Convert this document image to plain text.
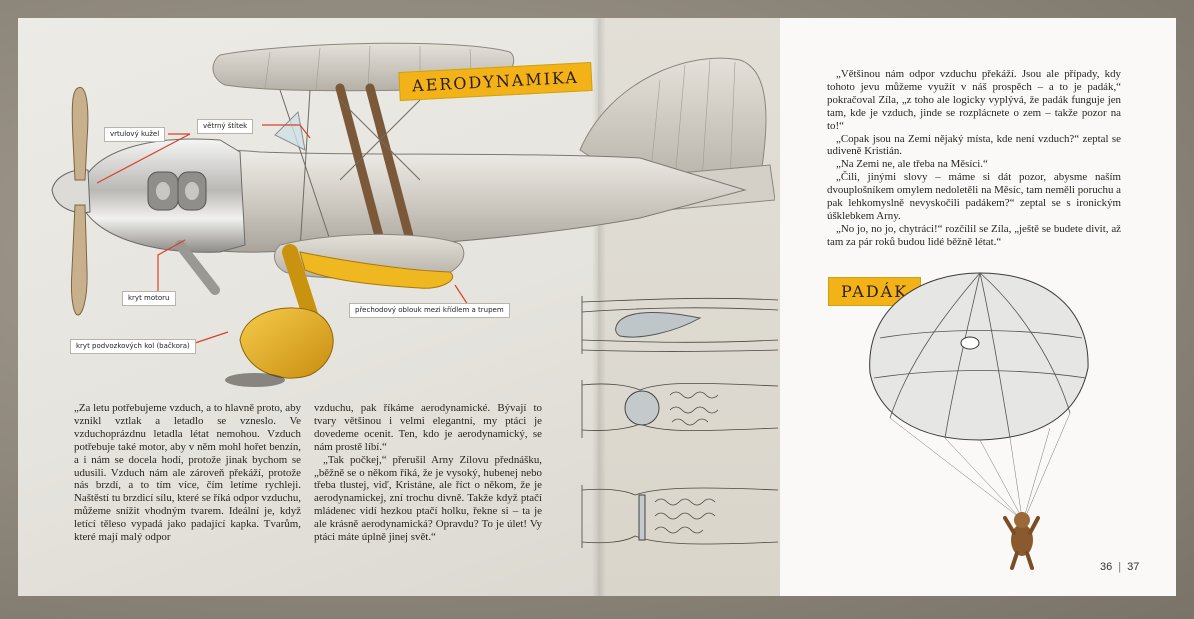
AERODYNAMIKA
PADÁK
vrtulový kužel
větrný štítek
kryt motoru
přechodový oblouk mezi křídlem a trupem
kryt podvozkových kol (bačkora)

„Za letu potřebujeme vzduch, a to hlavně proto, aby vznikl vztlak a letadlo se vzneslo. Ve vzduchoprázdnu letadla létat nemohou. Vzduch potřebuje také motor, aby v něm mohl hořet benzín, a i nám se docela hodí, protože jinak bychom se udusili. Vzduch nám ale zároveň překáží, protože nás brzdí, a to tím více, čím letíme rychleji. Naštěstí tu brzdicí sílu, které se říká odpor vzduchu, můžeme snížit vhodným tvarem. Ideální je, když letící těleso vypadá jako padající kapka. Tvarům, které mají malý odpor

vzduchu, pak říkáme aerodynamické. Bývají to tvary většinou i velmi elegantní, my ptáci je dovedeme ocenit. Ten, kdo je aerodynamický, se nám prostě líbí.“

„Tak počkej,“ přerušil Arny Zílovu přednášku, „běžně se o někom říká, že je vysoký, hubenej nebo třeba tlustej, viď, Kristáne, ale říct o někom, že je aerodynamickej, zní trochu divně. Takže když ptačí mládenec vidí hezkou ptačí holku, řekne si – ta je ale krásně aerodynamická? Opravdu? To je úlet! Vy ptáci máte úplně jinej svět.“

„Většinou nám odpor vzduchu překáží. Jsou ale případy, kdy tohoto jevu můžeme využít v náš prospěch – a to je padák,“ pokračoval Zíla, „z toho ale logicky vyplývá, že padák funguje jen tam, kde je vzduch, jinde se rozplácnete o zem – takže pozor na to!“

„Copak jsou na Zemi nějaký místa, kde není vzduch?“ zeptal se udiveně Kristián.

„Na Zemi ne, ale třeba na Měsíci.“

„Čili, jinými slovy – máme si dát pozor, abysme naším dvouplošníkem omylem nedoletěli na Měsíc, tam neměli poruchu a pak lehkomyslně nevyskočili padákem?“ zeptal se s ironickým úšklebkem Arny.

„No jo, no jo, chytráci!“ rozčílil se Zíla, „ještě se budete divit, až tam za pár roků budou lidé běžně létat.“

36 | 37
